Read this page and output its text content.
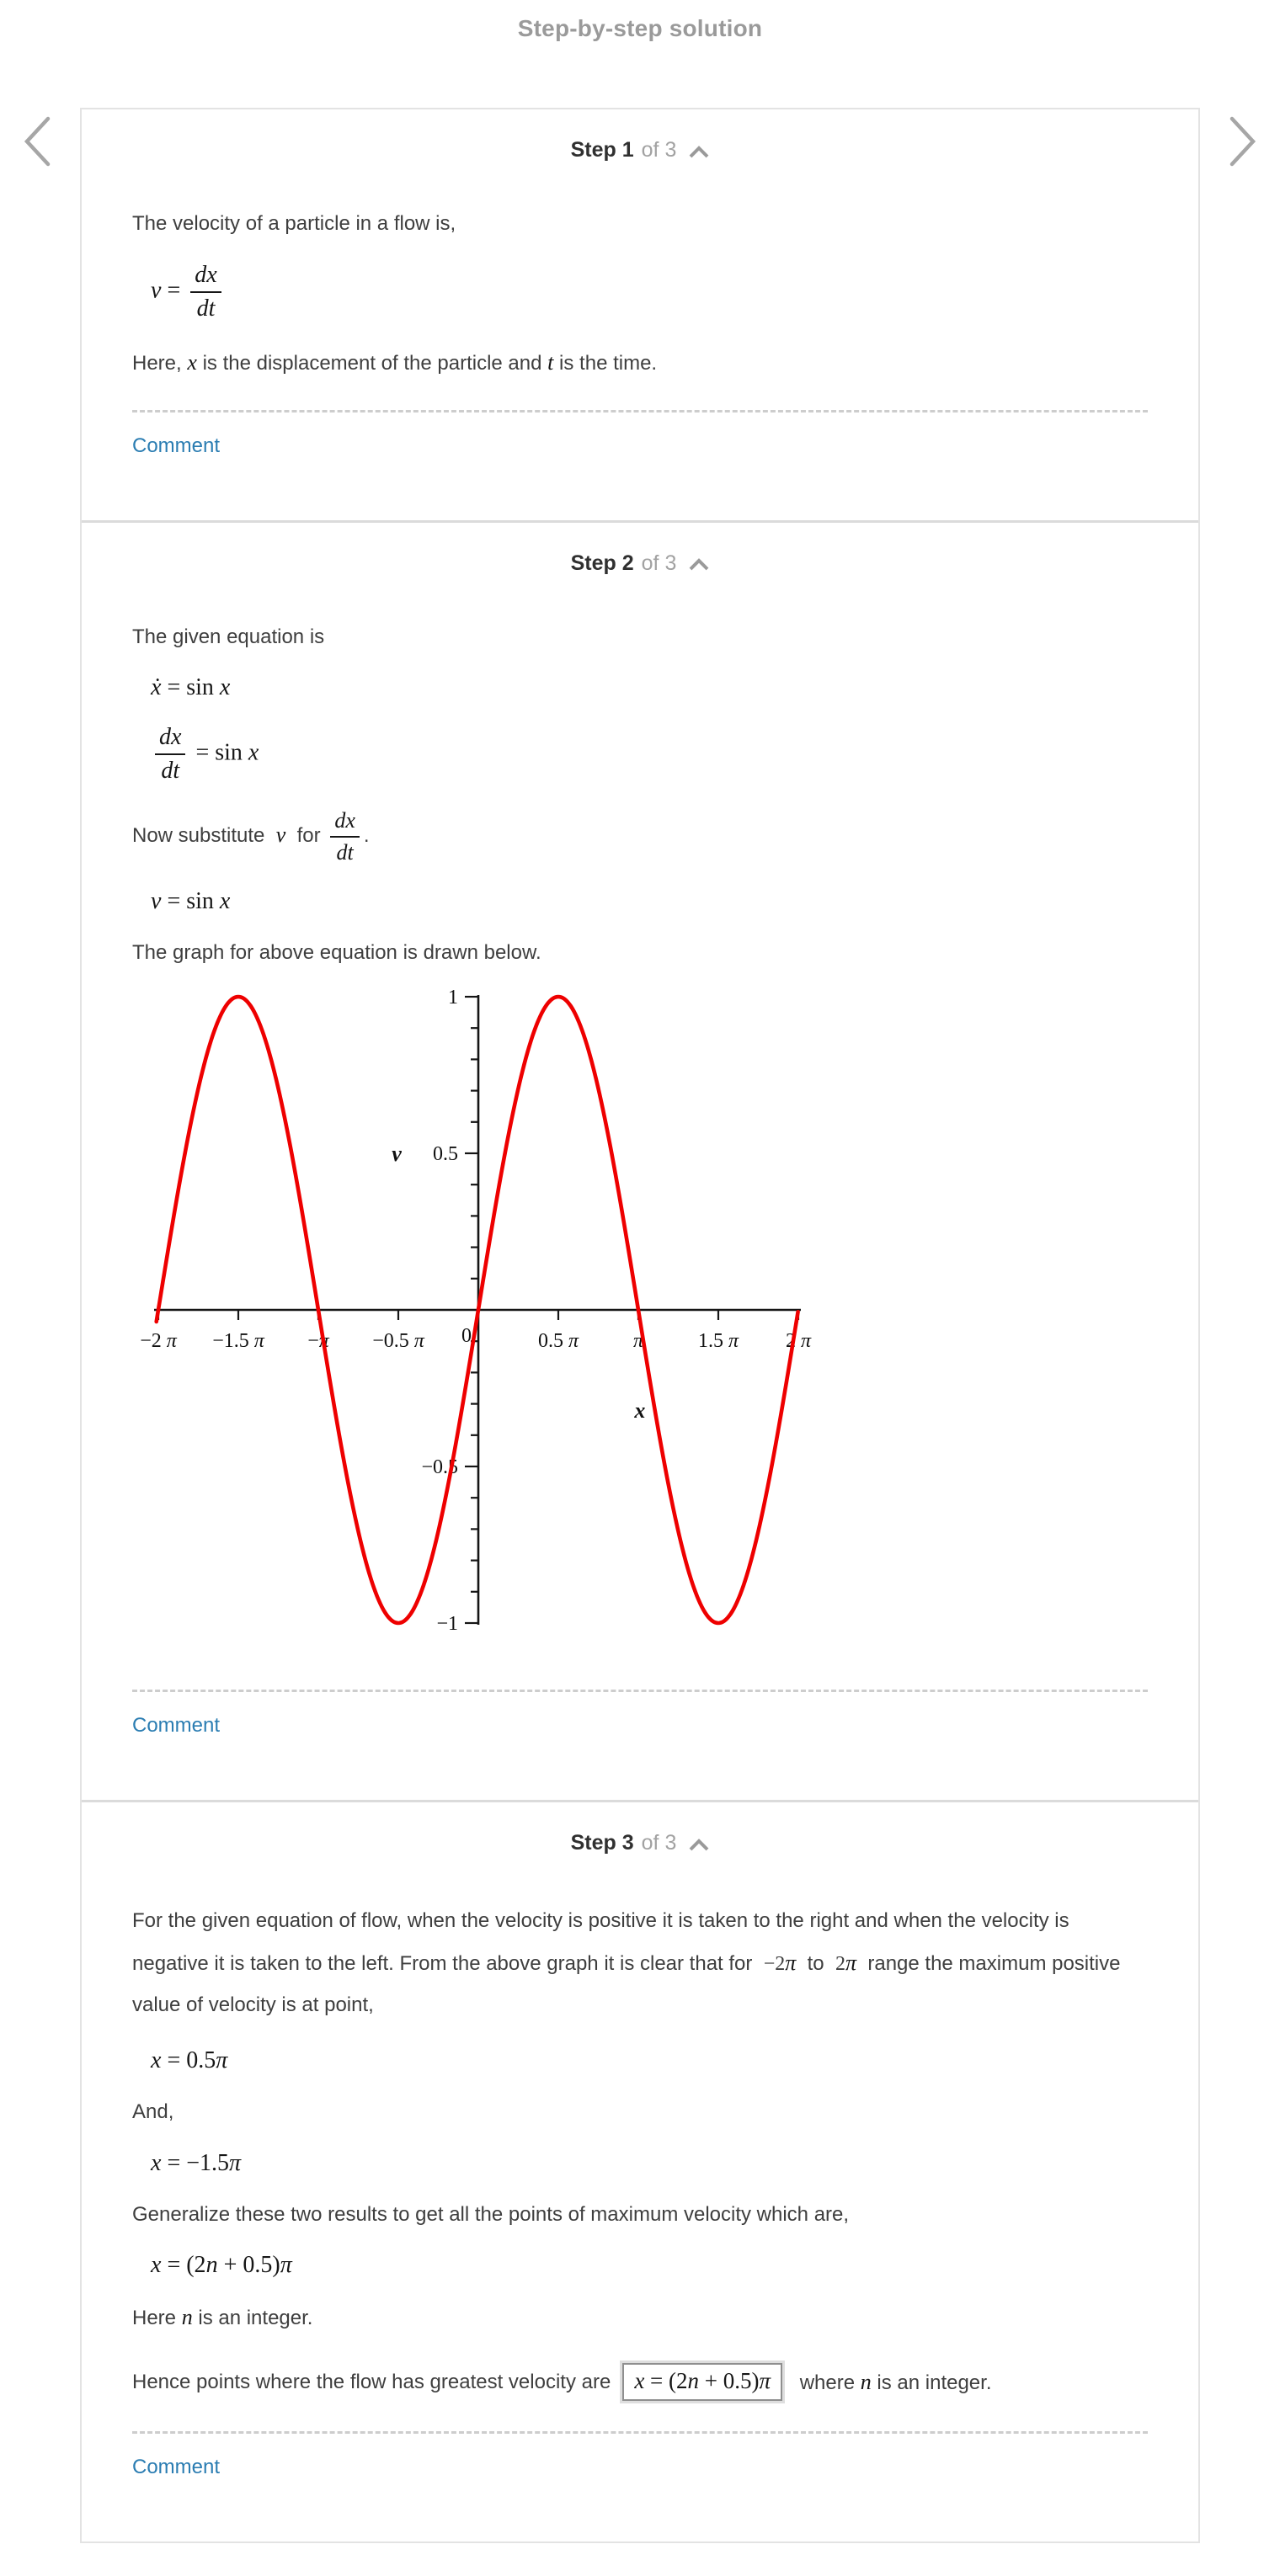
Step-by-step solution
Step 1 of 3

The velocity of a particle in a flow is,

$v = \frac{dx}{dt}$

Here, x is the displacement of the particle and t is the time.

Comment
Step 2 of 3

The given equation is

ẋ = sin x
$\frac{dx}{dt} = \sin x$

Now substitute  v  for $\frac{dx}{dt}$ .

v = sin x

The graph for above equation is drawn below.

−2 π −1.5 π −π −0.5 π	0.5 π	π	1.5 π 2 π
0
1
0.5
−0.5
−1
v
x
Comment
Step 3 of 3

For the given equation of flow, when the velocity is positive it is taken to the right and when the velocity is negative it is taken to the left. From the above graph it is clear that for  −2π  to  2π  range the maximum positive value of velocity is at point,

x = 0.5π

And,

x = −1.5π

Generalize these two results to get all the points of maximum velocity which are,

x = (2n + 0.5)π

Here n is an integer.

Hence points where the flow has greatest velocity are	x = (2n + 0.5)π	where n is an integer.
Comment
